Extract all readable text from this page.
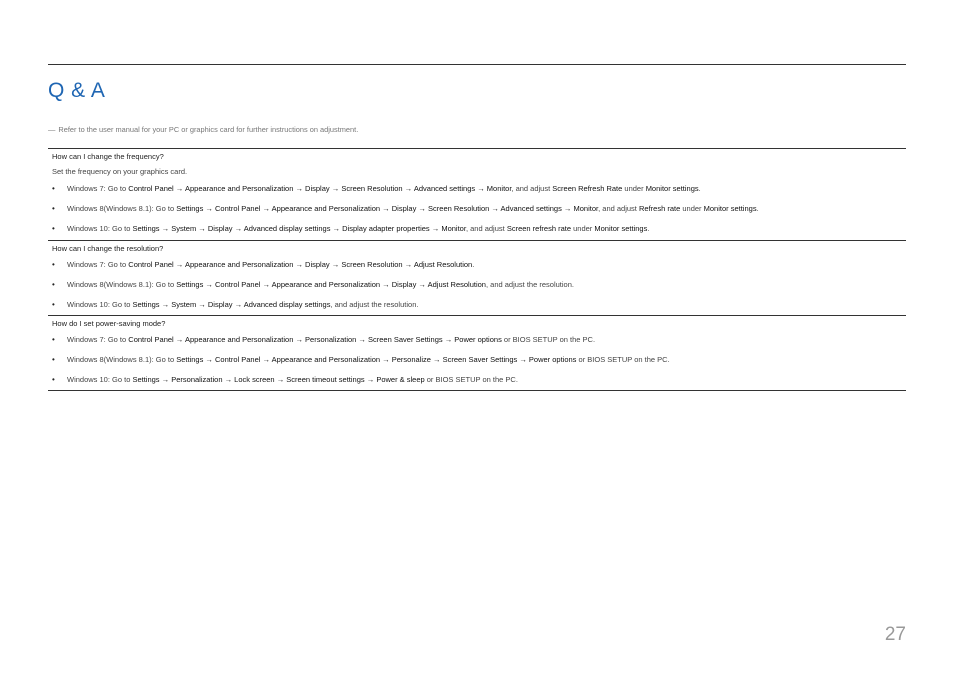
Q & A
― Refer to the user manual for your PC or graphics card for further instructions on adjustment.
How can I change the frequency?
Set the frequency on your graphics card.
• Windows 7: Go to Control Panel → Appearance and Personalization → Display → Screen Resolution → Advanced settings → Monitor, and adjust Screen Refresh Rate under Monitor settings.
• Windows 8(Windows 8.1): Go to Settings → Control Panel → Appearance and Personalization → Display → Screen Resolution → Advanced settings → Monitor, and adjust Refresh rate under Monitor settings.
• Windows 10: Go to Settings → System → Display → Advanced display settings → Display adapter properties → Monitor, and adjust Screen refresh rate under Monitor settings.
How can I change the resolution?
• Windows 7: Go to Control Panel → Appearance and Personalization → Display → Screen Resolution → Adjust Resolution.
• Windows 8(Windows 8.1): Go to Settings → Control Panel → Appearance and Personalization → Display → Adjust Resolution, and adjust the resolution.
• Windows 10: Go to Settings → System → Display → Advanced display settings, and adjust the resolution.
How do I set power-saving mode?
• Windows 7: Go to Control Panel → Appearance and Personalization → Personalization → Screen Saver Settings → Power options or BIOS SETUP on the PC.
• Windows 8(Windows 8.1): Go to Settings → Control Panel → Appearance and Personalization → Personalize → Screen Saver Settings → Power options or BIOS SETUP on the PC.
• Windows 10: Go to Settings → Personalization → Lock screen → Screen timeout settings → Power & sleep or BIOS SETUP on the PC.
27
